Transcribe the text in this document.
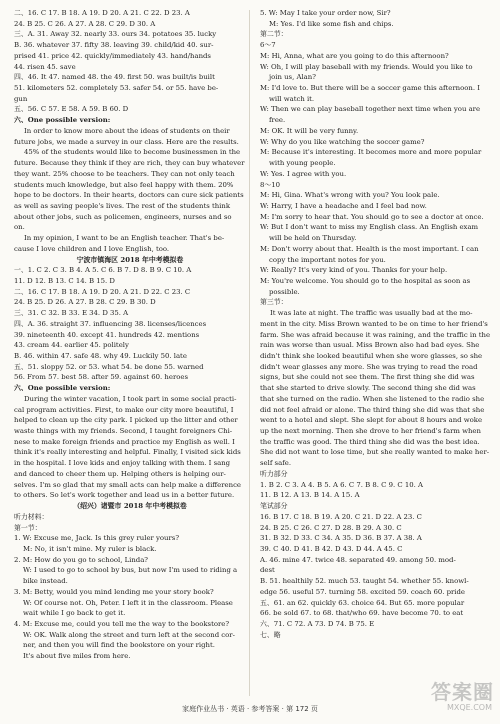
二、16. C 17. B 18. A 19. D 20. A 21. C 22. D 23. A
24. B 25. C 26. A 27. A 28. C 29. D 30. A
三、A. 31. Away 32. nearly 33. ours 34. potatoes 35. lucky
B. 36. whatever 37. fifty 38. leaving 39. child/kid 40. sur-
prised 41. price 42. quickly/immediately 43. hand/hands
44. risen 45. save
四、46. It 47. named 48. the 49. first 50. was built/is built
51. kilometers 52. completely 53. safer 54. or 55. have be-
gun
五、56. C 57. E 58. A 59. B 60. D
六、One possible version:
In order to know more about the ideas of students on their
future jobs, we made a survey in our class. Here are the results.
45% of the students would like to become businessmen in the
future. Because they think if they are rich, they can buy whatever
they want. 25% choose to be teachers. They can not only teach
students much knowledge, but also feel happy with them. 20%
hope to be doctors. In their hearts, doctors can cure sick patients
as well as saving people's lives. The rest of the students think
about other jobs, such as policemen, engineers, nurses and so
on.
In my opinion, I want to be an English teacher. That's be-
cause I love children and I love English, too.
宁波市镇海区 2018 年中考模拟卷
一、1. C 2. C 3. B 4. A 5. C 6. B 7. D 8. B 9. C 10. A
11. D 12. B 13. C 14. B 15. D
二、16. C 17. B 18. A 19. D 20. A 21. D 22. C 23. C
24. B 25. D 26. A 27. B 28. C 29. B 30. D
三、31. C 32. B 33. E 34. D 35. A
四、A. 36. straight 37. influencing 38. licenses/licences
39. nineteenth 40. except 41. hundreds 42. mentions
43. cream 44. earlier 45. politely
B. 46. within 47. safe 48. why 49. Luckily 50. late
五、51. sloppy 52. or 53. what 54. be done 55. warned
56. From 57. best 58. after 59. against 60. heroes
六、One possible version:
During the winter vacation, I took part in some social practi-
cal program activities. First, to make our city more beautiful, I
helped to clean up the city park. I picked up the litter and other
waste things with my friends. Second, I taught foreigners Chi-
nese to make foreign friends and practice my English as well. I
think it's really interesting and helpful. Finally, I visited sick kids
in the hospital. I love kids and enjoy talking with them. I sang
and danced to cheer them up. Helping others is helping our-
selves. I'm so glad that my small acts can help make a difference
to others. So let's work together and lead us in a better future.
（绍兴）诸暨市 2018 年中考模拟卷
听力材料：
第一节：
1. W: Excuse me, Jack. Is this grey ruler yours?
M: No, it isn't mine. My ruler is black.
2. M: How do you go to school, Linda?
W: I used to go to school by bus, but now I'm used to riding a
bike instead.
3. M: Betty, would you mind lending me your story book?
W: Of course not. Oh, Peter. I left it in the classroom. Please
wait while I go back to get it.
4. M: Excuse me, could you tell me the way to the bookstore?
W: OK. Walk along the street and turn left at the second cor-
ner, and then you will find the bookstore on your right.
It's about five miles from here.
5. W: May I take your order now, Sir?
M: Yes. I'd like some fish and chips.
第二节：
6～7
M: Hi, Anna, what are you going to do this afternoon?
W: Oh, I will play baseball with my friends. Would you like to
join us, Alan?
M: I'd love to. But there will be a soccer game this afternoon. I
will watch it.
W: Then we can play baseball together next time when you are
free.
M: OK. It will be very funny.
W: Why do you like watching the soccer game?
M: Because it's interesting. It becomes more and more popular
with young people.
W: Yes. I agree with you.
8～10
M: Hi, Gina. What's wrong with you? You look pale.
W: Harry, I have a headache and I feel bad now.
M: I'm sorry to hear that. You should go to see a doctor at once.
W: But I don't want to miss my English class. An English exam
will be held on Thursday.
M: Don't worry about that. Health is the most important. I can
copy the important notes for you.
W: Really? It's very kind of you. Thanks for your help.
M: You're welcome. You should go to the hospital as soon as
possible.
第三节：
It was late at night. The traffic was usually bad at the mo-
ment in the city. Miss Brown wanted to be on time to her friend's
farm. She was afraid because it was raining, and the traffic in the
rain was worse than usual. Miss Brown also had bad eyes. She
didn't think she looked beautiful when she wore glasses, so she
didn't wear glasses any more. She was trying to read the road
signs, but she could not see them. The first thing she did was
that she started to drive slowly. The second thing she did was
that she turned on the radio. When she listened to the radio she
did not feel afraid or alone. The third thing she did was that she
went to a hotel and slept. She slept for about 8 hours and woke
up the next morning. Then she drove to her friend's farm when
the traffic was good. The third thing she did was the best idea.
She did not want to lose time, but she really wanted to make her-
self safe.
听力部分
1. B 2. C 3. A 4. B 5. A 6. C 7. B 8. C 9. C 10. A
11. B 12. A 13. B 14. A 15. A
笔试部分
16. B 17. C 18. B 19. A 20. C 21. D 22. A 23. C
24. B 25. C 26. C 27. D 28. B 29. A 30. C
31. B 32. D 33. C 34. A 35. D 36. B 37. A 38. A
39. C 40. D 41. B 42. D 43. D 44. A 45. C
A. 46. mine 47. twice 48. separated 49. among 50. mod-
dest
B. 51. healthily 52. much 53. taught 54. whether 55. knowl-
edge 56. useful 57. turning 58. excited 59. coach 60. pride
五、61. an 62. quickly 63. choice 64. But 65. more popular
66. be sold 67. to 68. that/who 69. have become 70. to eat
六、71. C 72. A 73. D 74. B 75. E
七、略
家庭作业丛书 · 英语 · 参考答案 · 第 172 页
答案圈
MXQE.COM
